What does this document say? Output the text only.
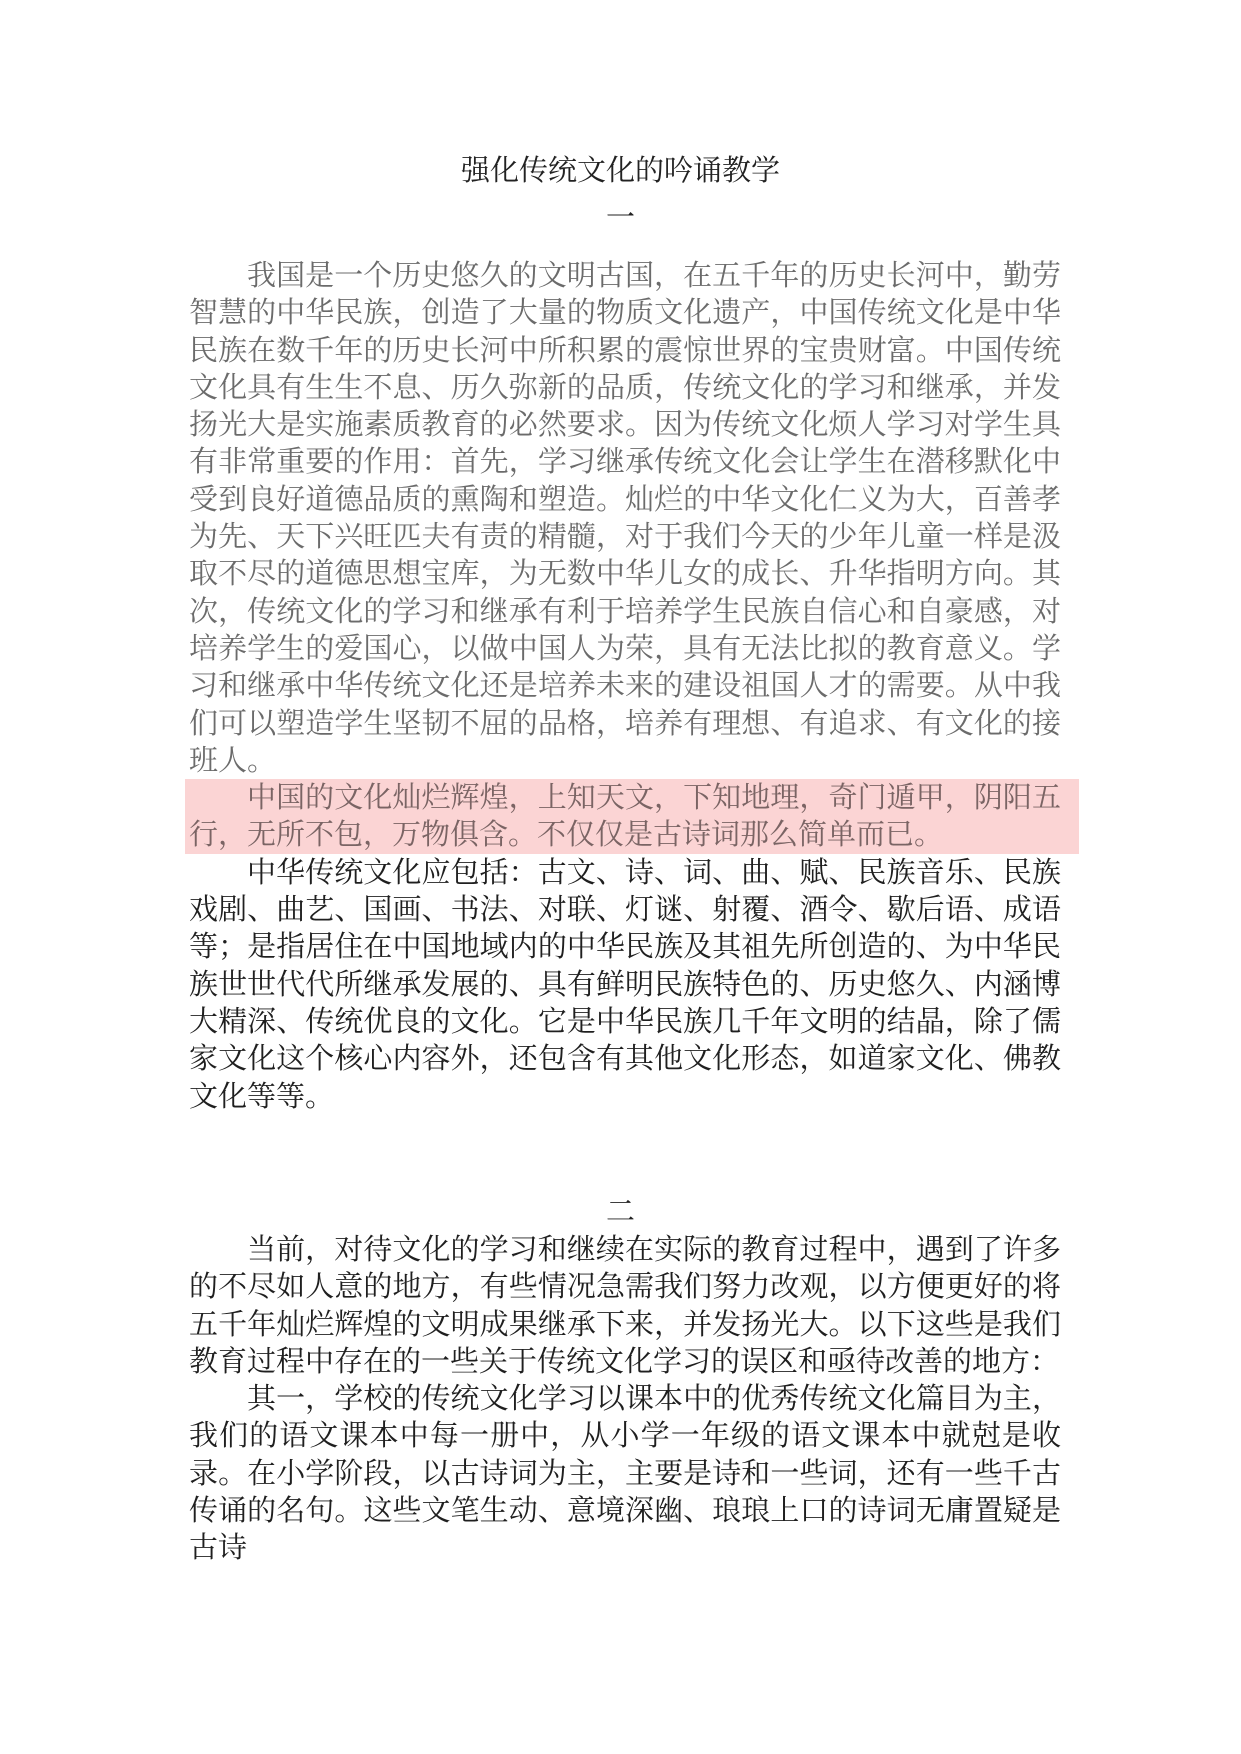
强化传统文化的吟诵教学
一

我国是一个历史悠久的文明古国，在五千年的历史长河中，勤劳智慧的中华民族，创造了大量的物质文化遗产，中国传统文化是中华民族在数千年的历史长河中所积累的震惊世界的宝贵财富。中国传统文化具有生生不息、历久弥新的品质，传统文化的学习和继承，并发扬光大是实施素质教育的必然要求。因为传统文化烦人学习对学生具有非常重要的作用：首先，学习继承传统文化会让学生在潜移默化中受到良好道德品质的熏陶和塑造。灿烂的中华文化仁义为大，百善孝为先、天下兴旺匹夫有责的精髓，对于我们今天的少年儿童一样是汲取不尽的道德思想宝库，为无数中华儿女的成长、升华指明方向。其次，传统文化的学习和继承有利于培养学生民族自信心和自豪感，对培养学生的爱国心，以做中国人为荣，具有无法比拟的教育意义。学习和继承中华传统文化还是培养未来的建设祖国人才的需要。从中我们可以塑造学生坚韧不屈的品格，培养有理想、有追求、有文化的接班人。

中国的文化灿烂辉煌，上知天文，下知地理，奇门遁甲，阴阳五行，无所不包，万物俱含。不仅仅是古诗词那么简单而已。

中华传统文化应包括：古文、诗、词、曲、赋、民族音乐、民族戏剧、曲艺、国画、书法、对联、灯谜、射覆、酒令、歇后语、成语等；是指居住在中国地域内的中华民族及其祖先所创造的、为中华民族世世代代所继承发展的、具有鲜明民族特色的、历史悠久、内涵博大精深、传统优良的文化。它是中华民族几千年文明的结晶，除了儒家文化这个核心内容外，还包含有其他文化形态，如道家文化、佛教文化等等。

二

当前，对待文化的学习和继续在实际的教育过程中，遇到了许多的不尽如人意的地方，有些情况急需我们努力改观，以方便更好的将五千年灿烂辉煌的文明成果继承下来，并发扬光大。以下这些是我们教育过程中存在的一些关于传统文化学习的误区和亟待改善的地方：

其一，学校的传统文化学习以课本中的优秀传统文化篇目为主，我们的语文课本中每一册中，从小学一年级的语文课本中就尅是收录。在小学阶段，以古诗词为主，主要是诗和一些词，还有一些千古传诵的名句。这些文笔生动、意境深幽、琅琅上口的诗词无庸置疑是古诗
